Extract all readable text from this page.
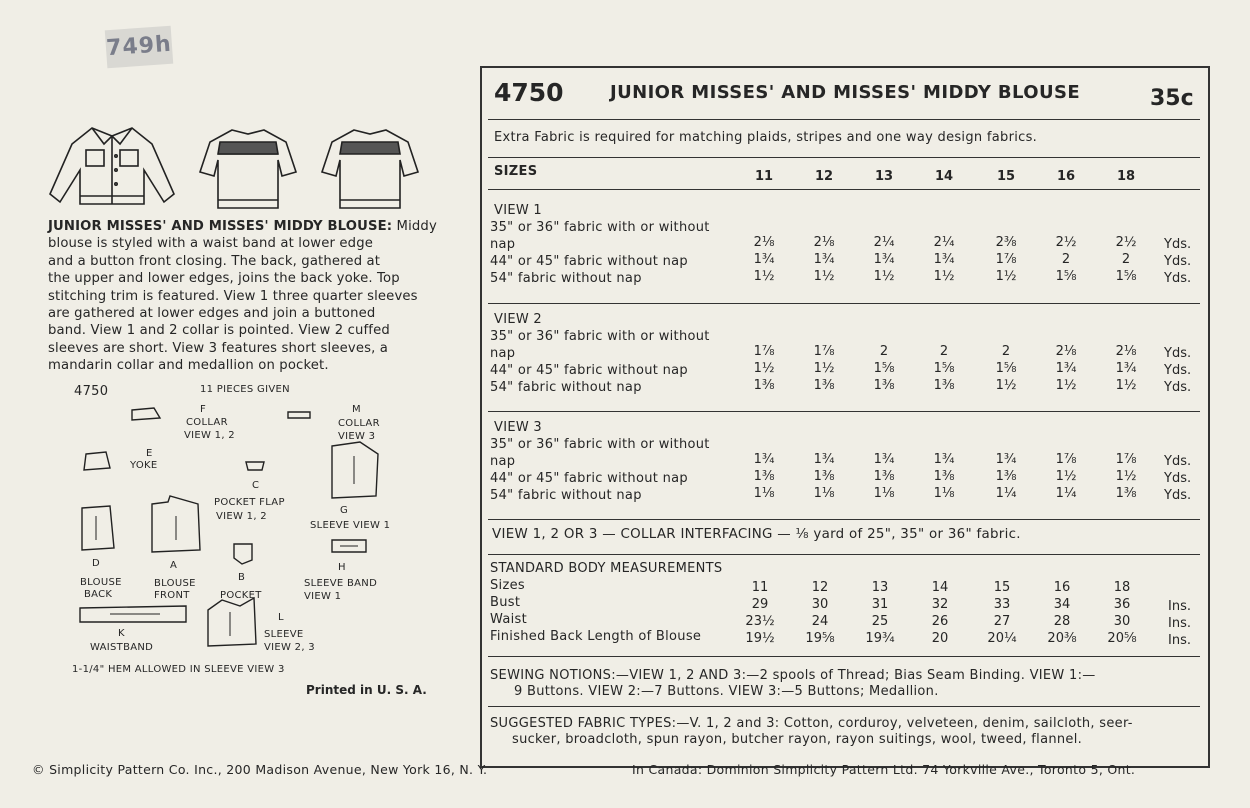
749h
JUNIOR MISSES' AND MISSES' MIDDY BLOUSE: Middy
blouse is styled with a waist band at lower edge
and a button front closing. The back, gathered at
the upper and lower edges, joins the back yoke. Top
stitching trim is featured. View 1 three quarter sleeves
are gathered at lower edges and join a buttoned
band. View 1 and 2 collar is pointed. View 2 cuffed
sleeves are short. View 3 features short sleeves, a
mandarin collar and medallion on pocket.
4750	11 PIECES GIVEN
F
COLLAR
VIEW 1, 2
M
COLLAR
VIEW 3
E
YOKE
C
POCKET FLAP
VIEW 1, 2
G
SLEEVE VIEW 1
D
BLOUSE
BACK
A
BLOUSE
FRONT
B
POCKET
H
SLEEVE BAND
VIEW 1
K
WAISTBAND
L
SLEEVE
VIEW 2, 3
1-1/4" HEM ALLOWED IN SLEEVE VIEW 3
Printed in U. S. A.
4750	JUNIOR MISSES' AND MISSES' MIDDY BLOUSE	35c
Extra Fabric is required for matching plaids, stripes and one way design fabrics.
SIZES	11	12	13	14	15	16	18
VIEW 1
35" or 36" fabric with or without
nap	2⅛	2⅛	2¼	2¼	2⅜	2½	2½	Yds.
44" or 45" fabric without nap	1¾	1¾	1¾	1¾	1⅞	2	2	Yds.
54" fabric without nap	1½	1½	1½	1½	1½	1⅝	1⅝	Yds.
VIEW 2
35" or 36" fabric with or without
nap	1⅞	1⅞	2	2	2	2⅛	2⅛	Yds.
44" or 45" fabric without nap	1½	1½	1⅝	1⅝	1⅝	1¾	1¾	Yds.
54" fabric without nap	1⅜	1⅜	1⅜	1⅜	1½	1½	1½	Yds.
VIEW 3
35" or 36" fabric with or without
nap	1¾	1¾	1¾	1¾	1¾	1⅞	1⅞	Yds.
44" or 45" fabric without nap	1⅜	1⅜	1⅜	1⅜	1⅜	1½	1½	Yds.
54" fabric without nap	1⅛	1⅛	1⅛	1⅛	1¼	1¼	1⅜	Yds.
VIEW 1, 2 OR 3 — COLLAR INTERFACING — ⅛ yard of 25", 35" or 36" fabric.
STANDARD BODY MEASUREMENTS
Sizes	11	12	13	14	15	16	18
Bust	29	30	31	32	33	34	36	Ins.
Waist	23½	24	25	26	27	28	30	Ins.
Finished Back Length of Blouse	19½	19⅝	19¾	20	20¼	20⅜	20⅝	Ins.
SEWING NOTIONS:—VIEW 1, 2 AND 3:—2 spools of Thread; Bias Seam Binding. VIEW 1:—
9 Buttons. VIEW 2:—7 Buttons. VIEW 3:—5 Buttons; Medallion.
SUGGESTED FABRIC TYPES:—V. 1, 2 and 3: Cotton, corduroy, velveteen, denim, sailcloth, seer-
sucker, broadcloth, spun rayon, butcher rayon, rayon suitings, wool, tweed, flannel.
© Simplicity Pattern Co. Inc., 200 Madison Avenue, New York 16, N. Y.	In Canada: Dominion Simplicity Pattern Ltd. 74 Yorkville Ave., Toronto 5, Ont.
